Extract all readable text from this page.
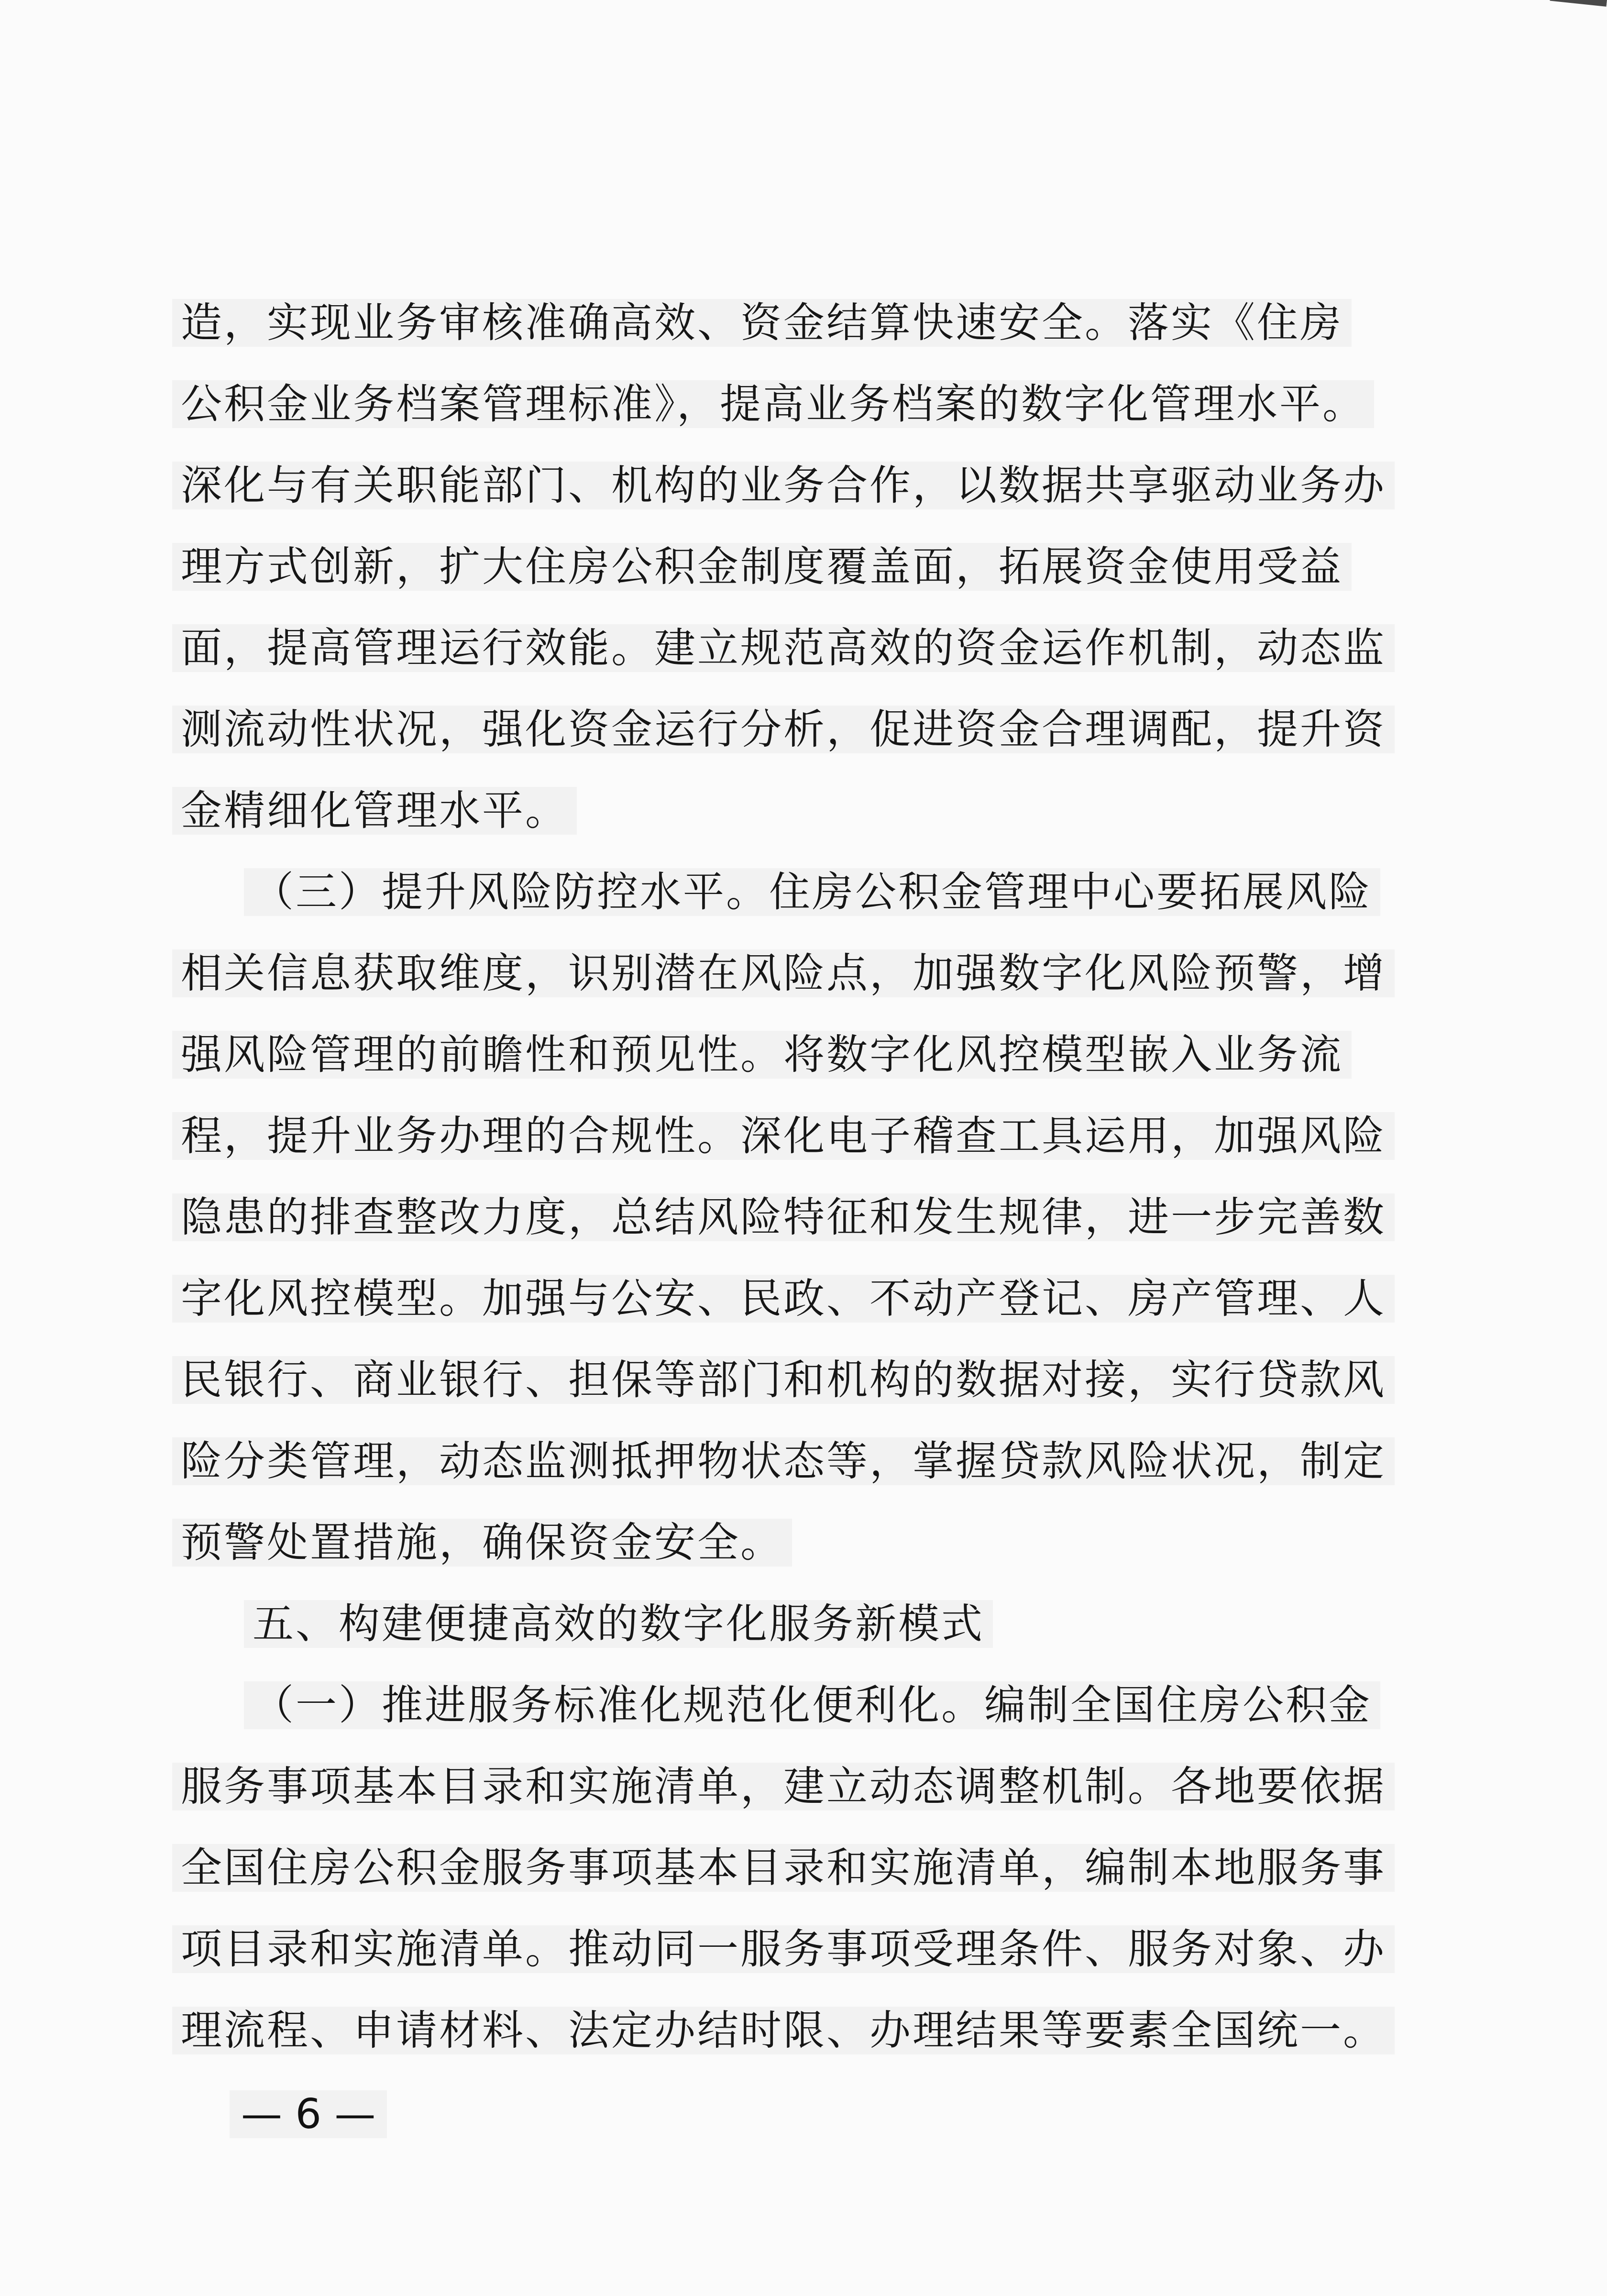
造，实现业务审核准确高效、资金结算快速安全。落实《住房
公积金业务档案管理标准》，提高业务档案的数字化管理水平。
深化与有关职能部门、机构的业务合作，以数据共享驱动业务办
理方式创新，扩大住房公积金制度覆盖面，拓展资金使用受益
面，提高管理运行效能。建立规范高效的资金运作机制，动态监
测流动性状况，强化资金运行分析，促进资金合理调配，提升资
金精细化管理水平。
（三）提升风险防控水平。住房公积金管理中心要拓展风险
相关信息获取维度，识别潜在风险点，加强数字化风险预警，增
强风险管理的前瞻性和预见性。将数字化风控模型嵌入业务流
程，提升业务办理的合规性。深化电子稽查工具运用，加强风险
隐患的排查整改力度，总结风险特征和发生规律，进一步完善数
字化风控模型。加强与公安、民政、不动产登记、房产管理、人
民银行、商业银行、担保等部门和机构的数据对接，实行贷款风
险分类管理，动态监测抵押物状态等，掌握贷款风险状况，制定
预警处置措施，确保资金安全。
五、构建便捷高效的数字化服务新模式
（一）推进服务标准化规范化便利化。编制全国住房公积金
服务事项基本目录和实施清单，建立动态调整机制。各地要依据
全国住房公积金服务事项基本目录和实施清单，编制本地服务事
项目录和实施清单。推动同一服务事项受理条件、服务对象、办
理流程、申请材料、法定办结时限、办理结果等要素全国统一。
— 6 —
